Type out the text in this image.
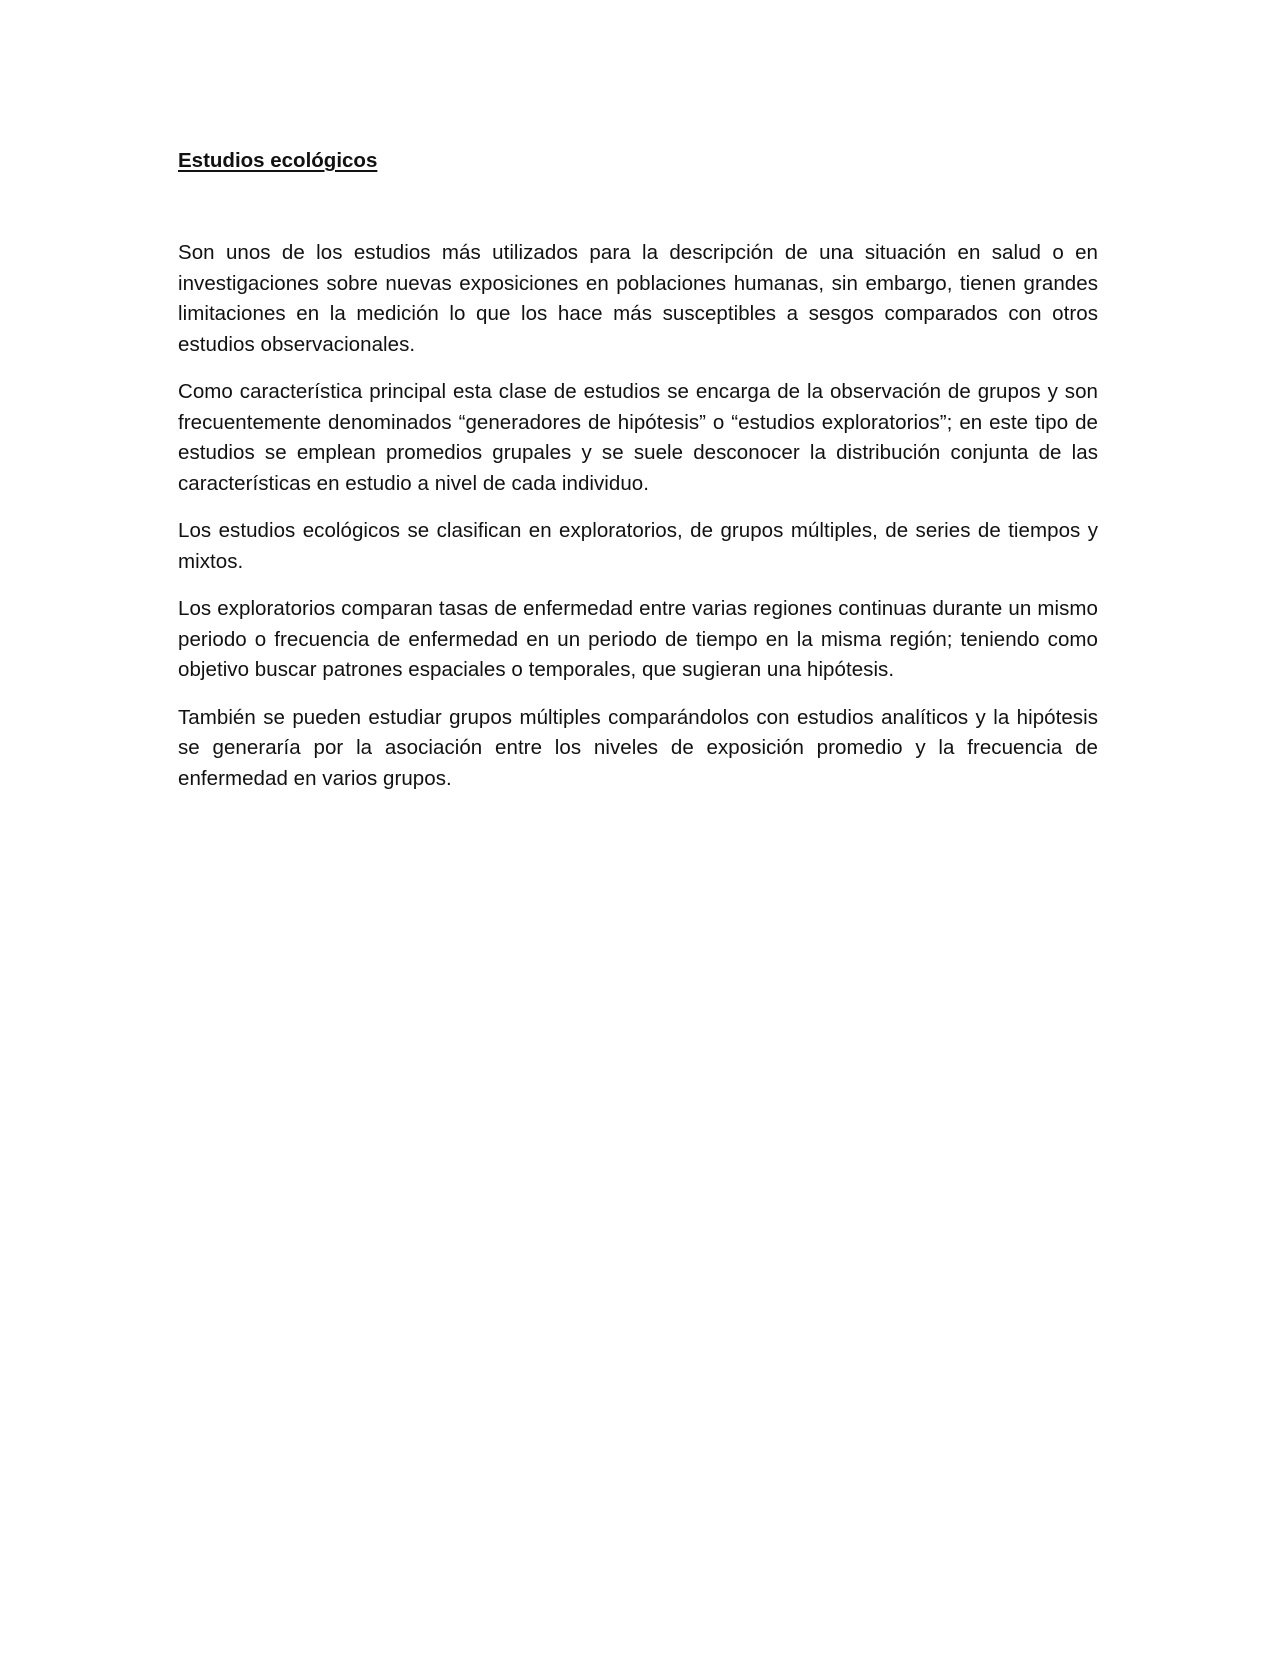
Estudios ecológicos

Son unos de los estudios más utilizados para la descripción de una situación en salud o en investigaciones sobre nuevas exposiciones en poblaciones humanas, sin embargo, tienen grandes limitaciones en la medición lo que los hace más susceptibles a sesgos comparados con otros estudios observacionales.

Como característica principal esta clase de estudios se encarga de la observación de grupos y son frecuentemente denominados “generadores de hipótesis” o “estudios exploratorios”; en este tipo de estudios se emplean promedios grupales y se suele desconocer la distribución conjunta de las características en estudio a nivel de cada individuo.

Los estudios ecológicos se clasifican en exploratorios, de grupos múltiples, de series de tiempos y mixtos.

Los exploratorios comparan tasas de enfermedad entre varias regiones continuas durante un mismo periodo o frecuencia de enfermedad en un periodo de tiempo en la misma región; teniendo como objetivo buscar patrones espaciales o temporales, que sugieran una hipótesis.

También se pueden estudiar grupos múltiples comparándolos con estudios analíticos y la hipótesis se generaría por la asociación entre los niveles de exposición promedio y la frecuencia de enfermedad en varios grupos.
